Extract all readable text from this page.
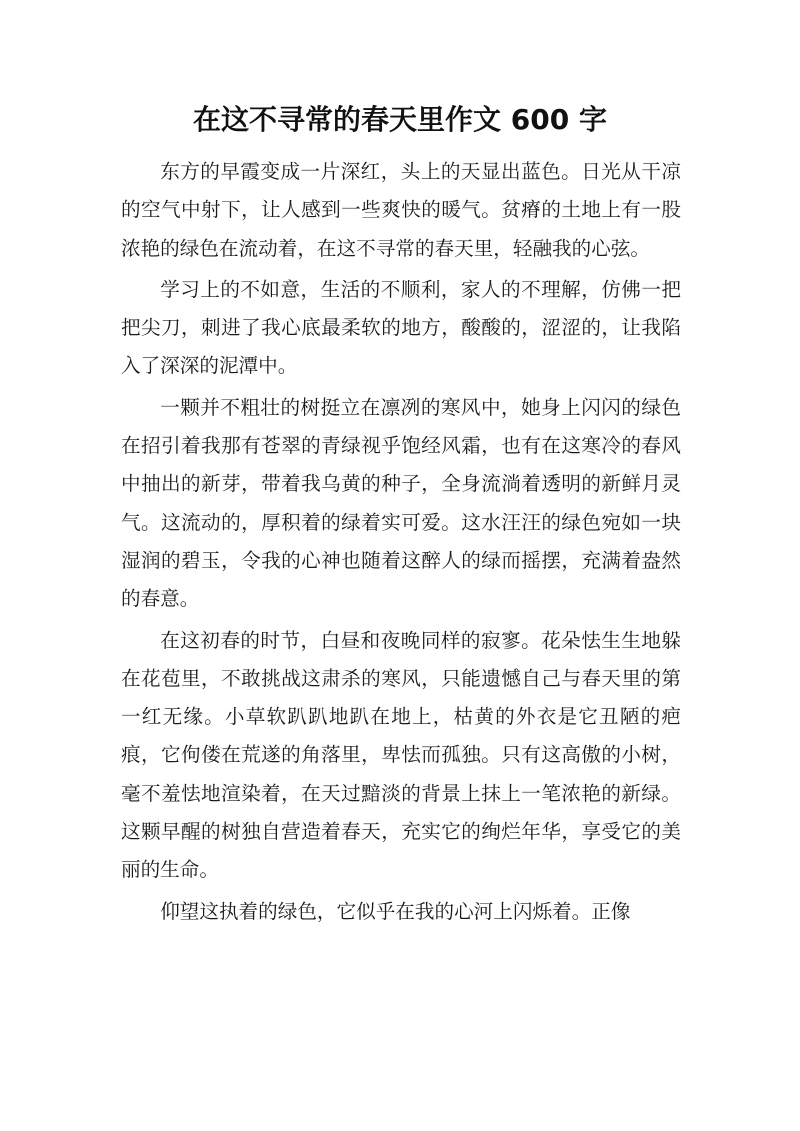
在这不寻常的春天里作文 600 字

东方的早霞变成一片深红，头上的天显出蓝色。日光从干凉的空气中射下，让人感到一些爽快的暖气。贫瘠的土地上有一股浓艳的绿色在流动着，在这不寻常的春天里，轻融我的心弦。

学习上的不如意，生活的不顺利，家人的不理解，仿佛一把把尖刀，刺进了我心底最柔软的地方，酸酸的，涩涩的，让我陷入了深深的泥潭中。

一颗并不粗壮的树挺立在凛冽的寒风中，她身上闪闪的绿色在招引着我那有苍翠的青绿视乎饱经风霜，也有在这寒冷的春风中抽出的新芽，带着我乌黄的种子，全身流淌着透明的新鲜月灵气。这流动的，厚积着的绿着实可爱。这水汪汪的绿色宛如一块湿润的碧玉，令我的心神也随着这醉人的绿而摇摆，充满着盎然的春意。

在这初春的时节，白昼和夜晚同样的寂寥。花朵怯生生地躲在花苞里，不敢挑战这肃杀的寒风，只能遗憾自己与春天里的第一红无缘。小草软趴趴地趴在地上，枯黄的外衣是它丑陋的疤痕，它佝偻在荒遂的角落里，卑怯而孤独。只有这高傲的小树，毫不羞怯地渲染着，在天过黯淡的背景上抹上一笔浓艳的新绿。这颗早醒的树独自营造着春天，充实它的绚烂年华，享受它的美丽的生命。

仰望这执着的绿色，它似乎在我的心河上闪烁着。正像
